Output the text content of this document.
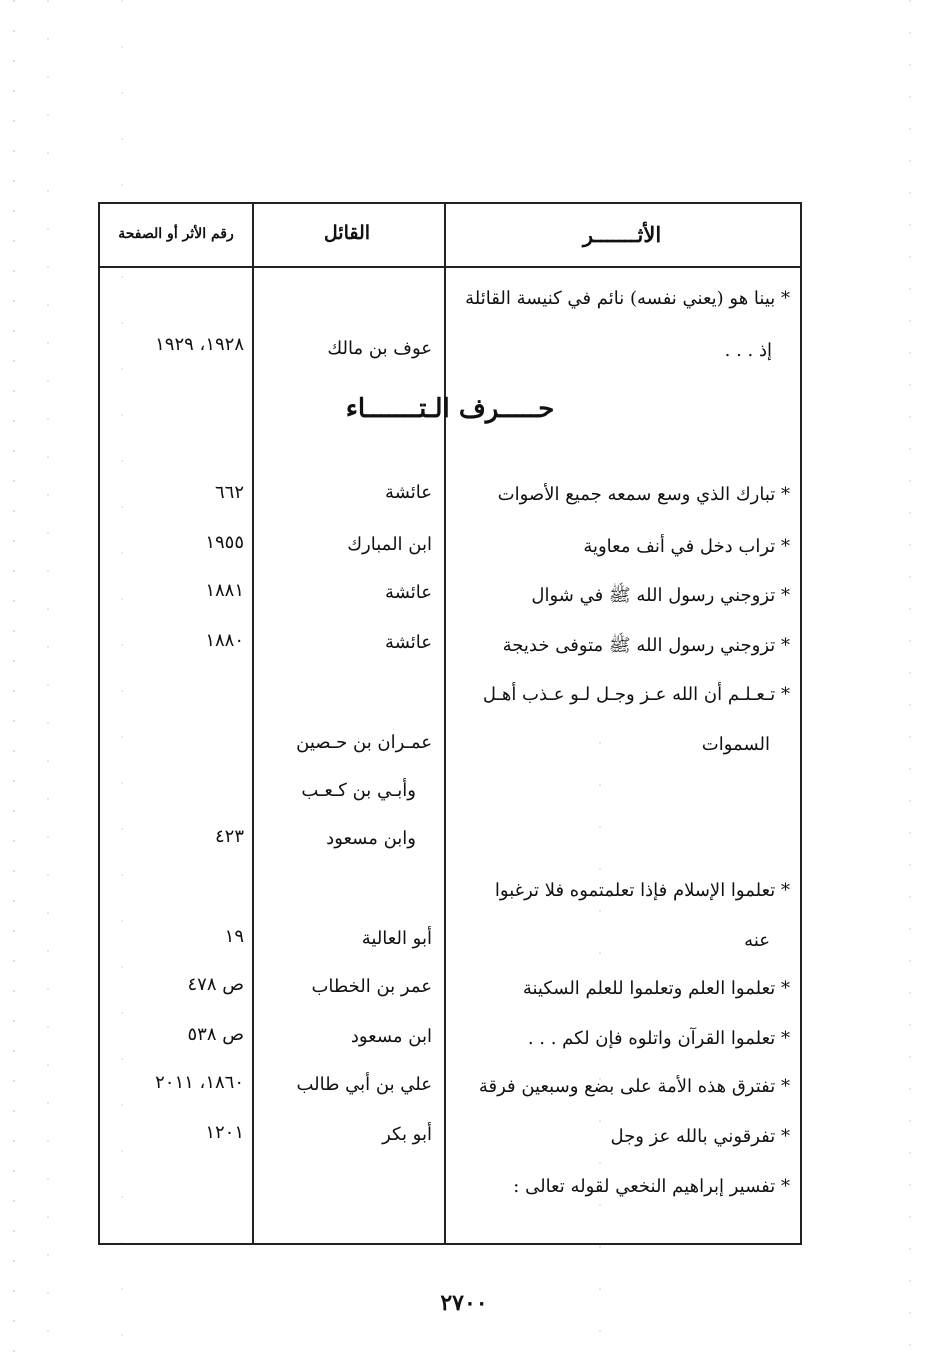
الأثـــــــر
القائل
رقم الأثر أو الصفحة
حـــــرف الـتـــــــاء
* بينا هو (يعني نفسه) نائم في كنيسة القائلة
إذ . . .
عوف بن مالك
١٩٢٨، ١٩٢٩
* تبارك الذي وسع سمعه جميع الأصوات
عائشة
٦٦٢
* تراب دخل في أنف معاوية
ابن المبارك
١٩٥٥
* تزوجني رسول الله ﷺ في شوال
عائشة
١٨٨١
* تزوجني رسول الله ﷺ متوفى خديجة
عائشة
١٨٨٠
* تـعـلـم أن الله عـز وجـل لـو عـذب أهـل
السموات
عمـران بن حـصين
وأبـي بن كـعـب
وابن مسعود
٤٢٣
* تعلموا الإسلام فإذا تعلمتموه فلا ترغبوا
عنه
أبو العالية
١٩
* تعلموا العلم وتعلموا للعلم السكينة
عمر بن الخطاب
ص ٤٧٨
* تعلموا القرآن واتلوه فإن لكم . . .
ابن مسعود
ص ٥٣٨
* تفترق هذه الأمة على بضع وسبعين فرقة
علي بن أبي طالب
١٨٦٠، ٢٠١١
* تفرقوني بالله عز وجل
أبو بكر
١٢٠١
* تفسير إبراهيم النخعي لقوله تعالى :
٢٧٠٠
